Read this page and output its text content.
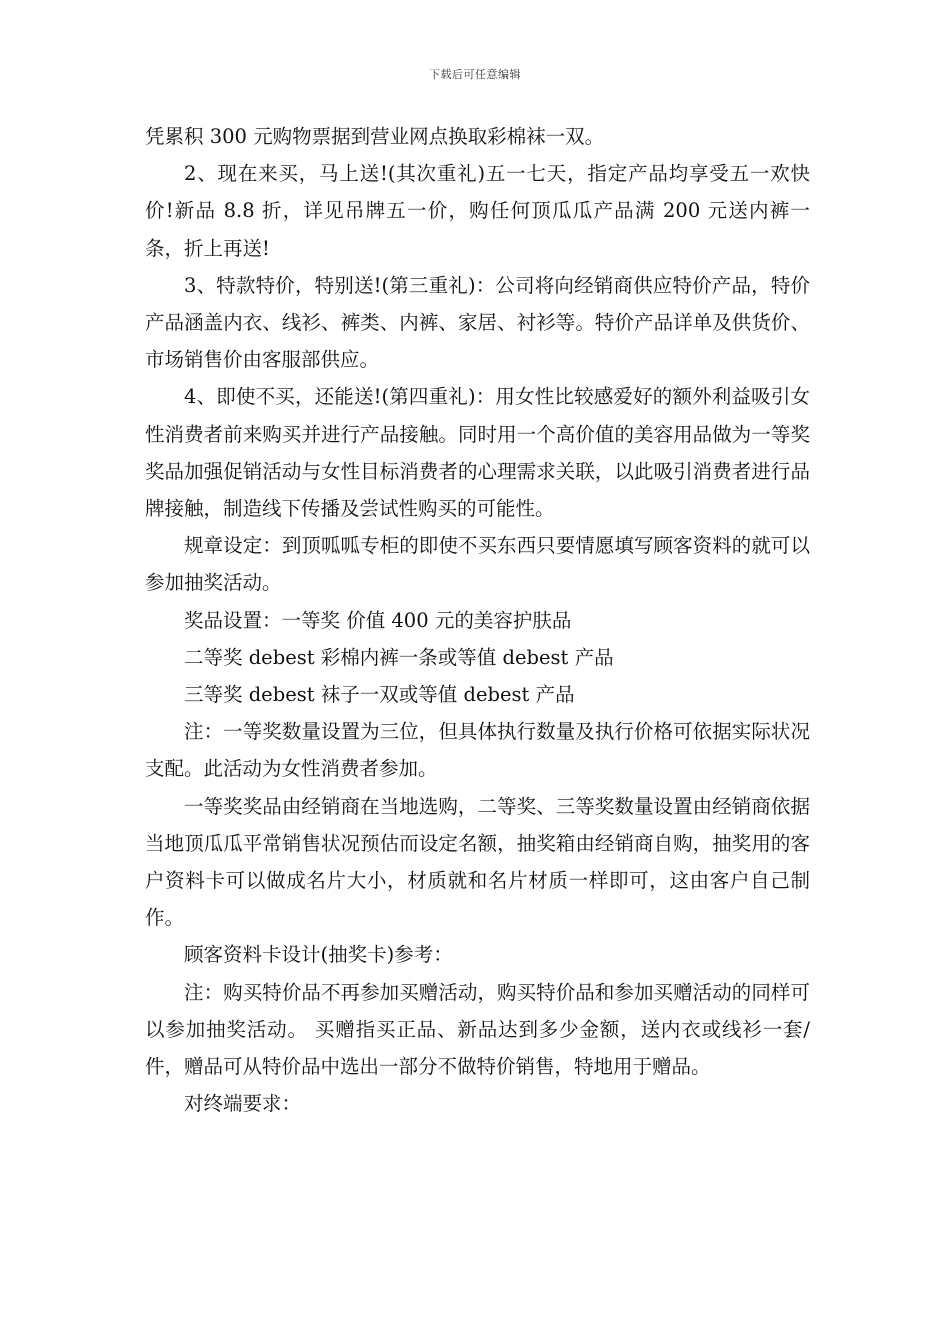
下载后可任意编辑

凭累积 300 元购物票据到营业网点换取彩棉袜一双。

2、现在来买，马上送!(其次重礼)五一七天，指定产品均享受五一欢快价!新品 8.8 折，详见吊牌五一价，购任何顶瓜瓜产品满 200 元送内裤一条，折上再送!

3、特款特价，特别送!(第三重礼)：公司将向经销商供应特价产品，特价产品涵盖内衣、线衫、裤类、内裤、家居、衬衫等。特价产品详单及供货价、市场销售价由客服部供应。

4、即使不买，还能送!(第四重礼)：用女性比较感爱好的额外利益吸引女性消费者前来购买并进行产品接触。同时用一个高价值的美容用品做为一等奖奖品加强促销活动与女性目标消费者的心理需求关联，以此吸引消费者进行品牌接触，制造线下传播及尝试性购买的可能性。

规章设定：到顶呱呱专柜的即使不买东西只要情愿填写顾客资料的就可以参加抽奖活动。

奖品设置：一等奖 价值 400 元的美容护肤品

二等奖 debest 彩棉内裤一条或等值 debest 产品

三等奖 debest 袜子一双或等值 debest 产品

注：一等奖数量设置为三位，但具体执行数量及执行价格可依据实际状况支配。此活动为女性消费者参加。

一等奖奖品由经销商在当地选购，二等奖、三等奖数量设置由经销商依据当地顶瓜瓜平常销售状况预估而设定名额，抽奖箱由经销商自购，抽奖用的客户资料卡可以做成名片大小，材质就和名片材质一样即可，这由客户自己制作。

顾客资料卡设计(抽奖卡)参考：

注：购买特价品不再参加买赠活动，购买特价品和参加买赠活动的同样可以参加抽奖活动。 买赠指买正品、新品达到多少金额，送内衣或线衫一套/件，赠品可从特价品中选出一部分不做特价销售，特地用于赠品。

对终端要求：
